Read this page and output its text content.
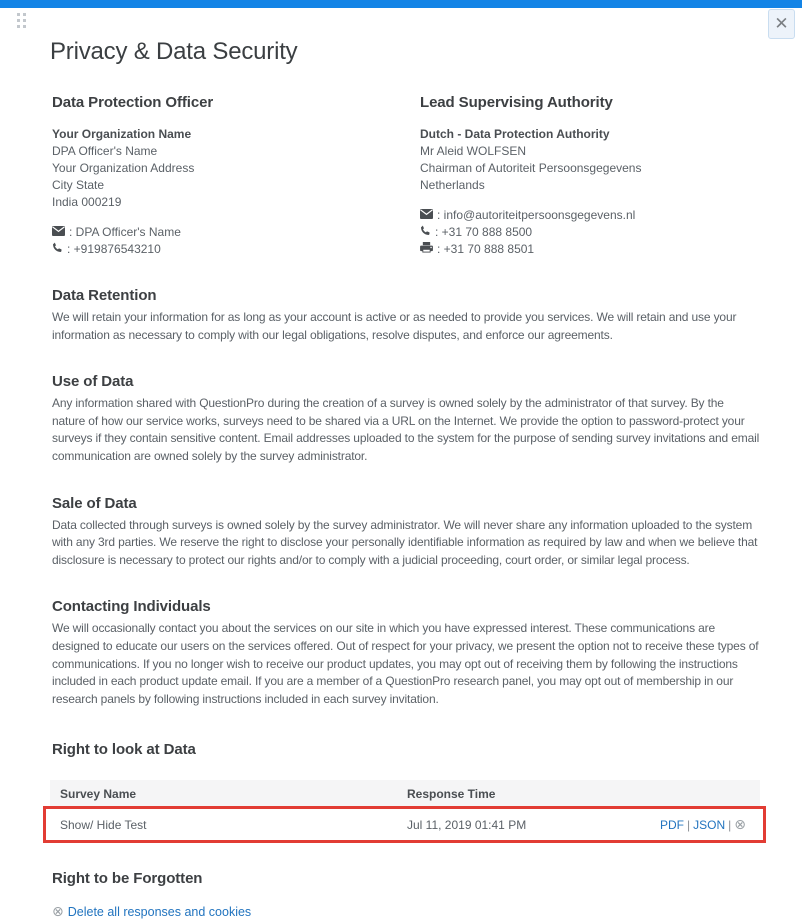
✕
Privacy & Data Security
Data Protection Officer
Your Organization Name
DPA Officer's Name
Your Organization Address
City State
India 000219
: DPA Officer's Name
: +919876543210
Lead Supervising Authority
Dutch - Data Protection Authority
Mr Aleid WOLFSEN
Chairman of Autoriteit Persoonsgegevens
Netherlands
: info@autoriteitpersoonsgegevens.nl
: +31 70 888 8500
: +31 70 888 8501
Data Retention

We will retain your information for as long as your account is active or as needed to provide you services. We will retain and use your information as necessary to comply with our legal obligations, resolve disputes, and enforce our agreements.

Use of Data

Any information shared with QuestionPro during the creation of a survey is owned solely by the administrator of that survey. By the nature of how our service works, surveys need to be shared via a URL on the Internet. We provide the option to password-protect your surveys if they contain sensitive content. Email addresses uploaded to the system for the purpose of sending survey invitations and email communication are owned solely by the survey administrator.

Sale of Data

Data collected through surveys is owned solely by the survey administrator. We will never share any information uploaded to the system with any 3rd parties. We reserve the right to disclose your personally identifiable information as required by law and when we believe that disclosure is necessary to protect our rights and/or to comply with a judicial proceeding, court order, or similar legal process.

Contacting Individuals

We will occasionally contact you about the services on our site in which you have expressed interest. These communications are designed to educate our users on the services offered. Out of respect for your privacy, we present the option not to receive these types of communications. If you no longer wish to receive our product updates, you may opt out of receiving them by following the instructions included in each product update email. If you are a member of a QuestionPro research panel, you may opt out of membership in our research panels by following instructions included in each survey invitation.

Right to look at Data
Survey Name	Response Time
Show/ Hide Test	Jul 11, 2019 01:41 PM	PDF | JSON | ⊗
Right to be Forgotten
⊗ Delete all responses and cookies
